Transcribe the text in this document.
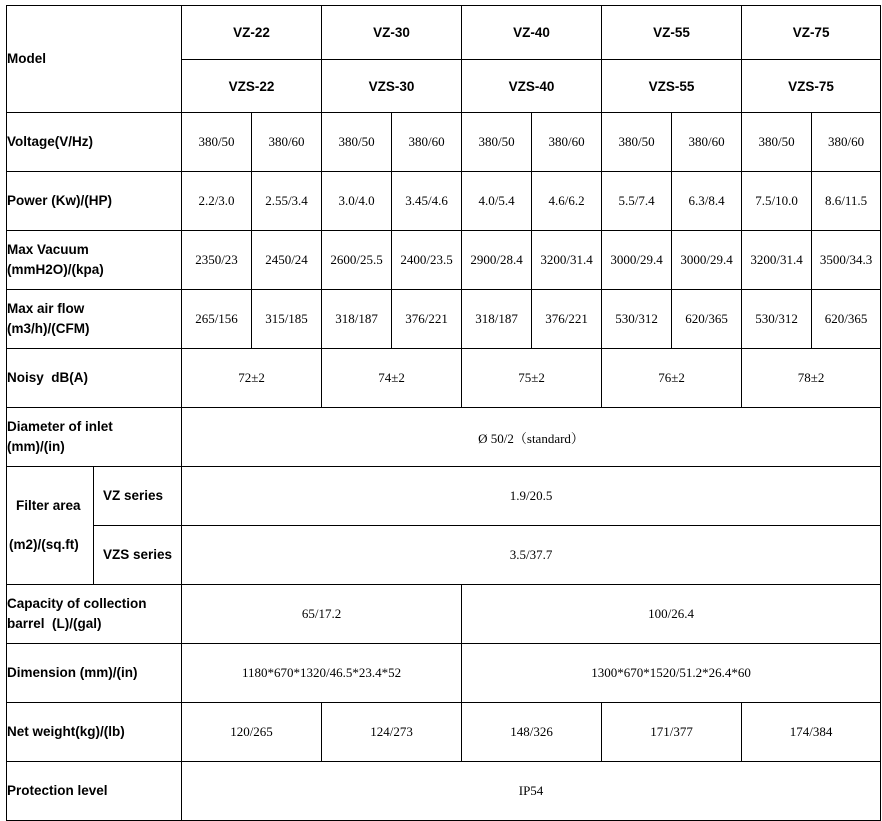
Model		VZ-22		VZ-30		VZ-40		VZ-55		VZ-75	
		VZS-22		VZS-30		VZS-40		VZS-55		VZS-75	
Voltage(V/Hz)		380/50	380/60	380/50	380/60	380/50	380/60	380/50	380/60	380/50	380/60
Power (Kw)/(HP)		2.2/3.0	2.55/3.4	3.0/4.0	3.45/4.6	4.0/5.4	4.6/6.2	5.5/7.4	6.3/8.4	7.5/10.0	8.6/11.5

Max Vacuum
(mmH2O)/(kpa)		2350/23	2450/24	2600/25.5	2400/23.5	2900/28.4	3200/31.4	3000/29.4	3000/29.4	3200/31.4	3500/34.3

Max air flow
(m3/h)/(CFM)		265/156	315/185	318/187	376/221	318/187	376/221	530/312	620/365	530/312	620/365
Noisy  dB(A)		72±2		74±2		75±2		76±2		78±2	

Diameter of inlet
(mm)/(in)		Ø 50/2（standard）									

Filter area
(m2)/(sq.ft)	VZ series	1.9/20.5									
	VZS series	3.5/37.7									

Capacity of collection
barrel  (L)/(gal)		65/17.2				100/26.4					
Dimension (mm)/(in)		1180*670*1320/46.5*23.4*52				1300*670*1520/51.2*26.4*60					
Net weight(kg)/(lb)		120/265		124/273		148/326		171/377		174/384	
Protection level		IP54									
